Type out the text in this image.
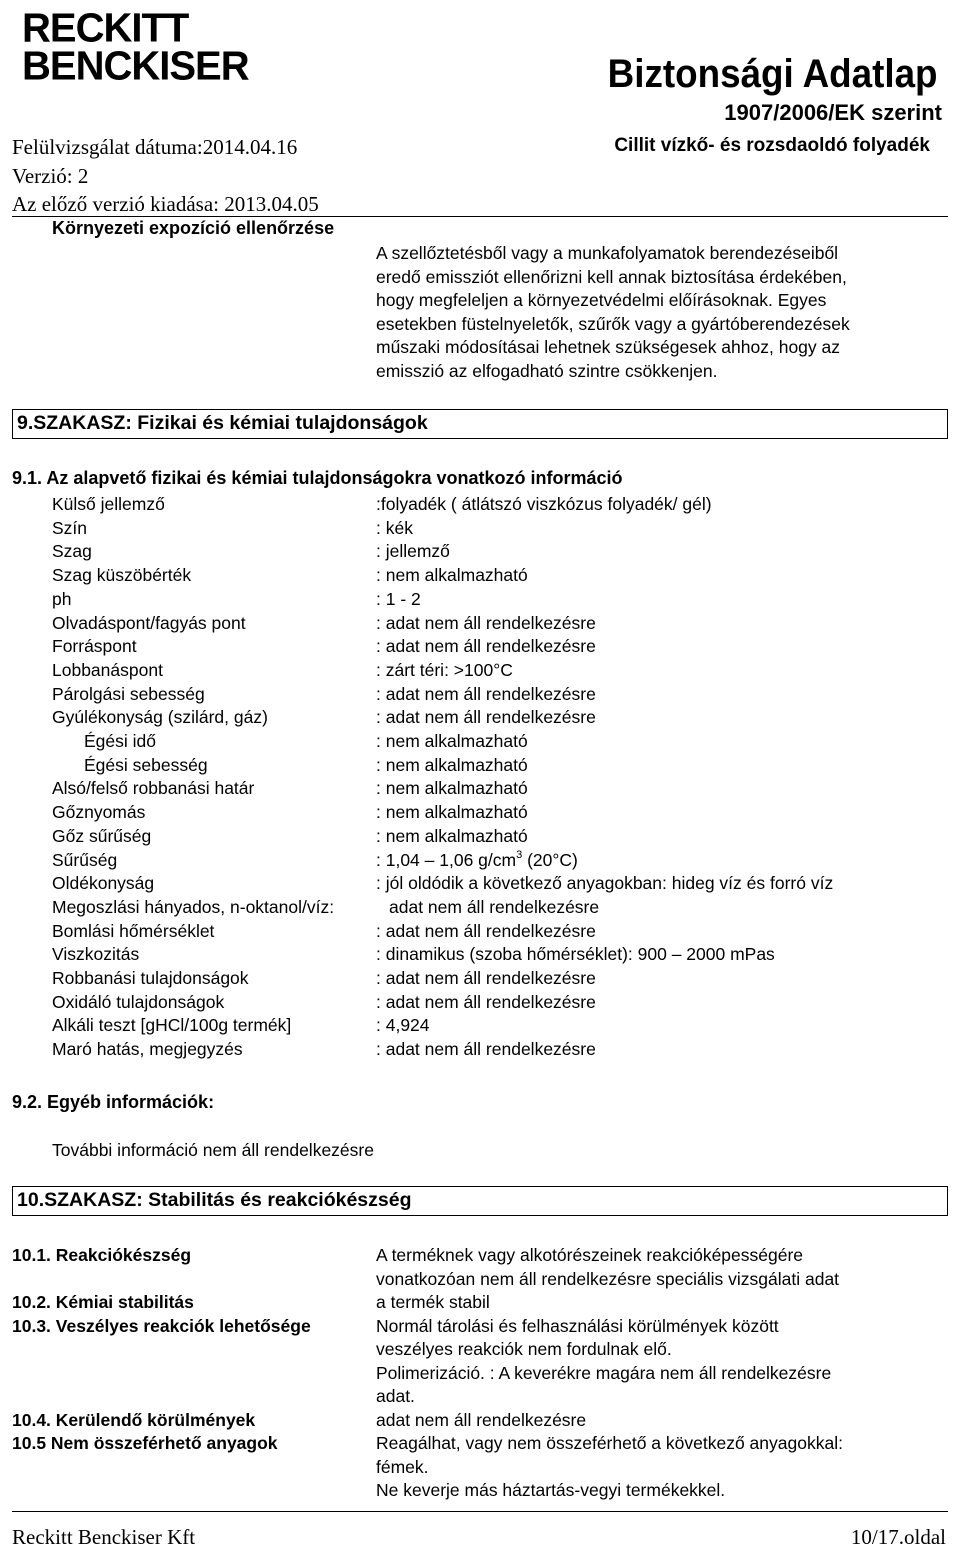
RECKITT
BENCKISER	Biztonsági Adatlap
1907/2006/EK szerint
Cillit vízkő- és rozsdaoldó folyadék
Felülvizsgálat dátuma:2014.04.16
Verzió: 2
Az előző verzió kiadása: 2013.04.05
Környezeti expozíció ellenőrzése
A szellőztetésből vagy a munkafolyamatok berendezéseiből
eredő emissziót ellenőrizni kell annak biztosítása érdekében,
hogy megfeleljen a környezetvédelmi előírásoknak. Egyes
esetekben füstelnyeletők, szűrők vagy a gyártóberendezések
műszaki módosításai lehetnek szükségesek ahhoz, hogy az
emisszió az elfogadható szintre csökkenjen.
9.SZAKASZ: Fizikai és kémiai tulajdonságok
9.1. Az alapvető fizikai és kémiai tulajdonságokra vonatkozó információ
Külső jellemző	:folyadék ( átlátszó viszkózus folyadék/ gél)
Szín	: kék
Szag	: jellemző
Szag küszöbérték	: nem alkalmazható
ph	: 1 - 2
Olvadáspont/fagyás pont	: adat nem áll rendelkezésre
Forráspont	: adat nem áll rendelkezésre
Lobbanáspont	: zárt téri: >100°C
Párolgási sebesség	: adat nem áll rendelkezésre
Gyúlékonyság (szilárd, gáz)	: adat nem áll rendelkezésre
Égési idő	: nem alkalmazható
Égési sebesség	: nem alkalmazható
Alsó/felső robbanási határ	: nem alkalmazható
Gőznyomás	: nem alkalmazható
Gőz sűrűség	: nem alkalmazható
Sűrűség	: 1,04 – 1,06 $g/cm^3$ (20°C)
Oldékonyság	: jól oldódik a következő anyagokban: hideg víz és forró víz
Megoszlási hányados, n-oktanol/víz:	adat nem áll rendelkezésre
Bomlási hőmérséklet	: adat nem áll rendelkezésre
Viszkozitás	: dinamikus (szoba hőmérséklet): 900 – 2000 mPas
Robbanási tulajdonságok	: adat nem áll rendelkezésre
Oxidáló tulajdonságok	: adat nem áll rendelkezésre
Alkáli teszt [gHCl/100g termék]	: 4,924
Maró hatás, megjegyzés	: adat nem áll rendelkezésre
9.2. Egyéb információk:
További információ nem áll rendelkezésre
10.SZAKASZ: Stabilitás és reakciókészség
10.1. Reakciókészség	A terméknek vagy alkotórészeinek reakcióképességére
vonatkozóan nem áll rendelkezésre speciális vizsgálati adat
10.2. Kémiai stabilitás	a termék stabil
10.3. Veszélyes reakciók lehetősége	Normál tárolási és felhasználási körülmények között
veszélyes reakciók nem fordulnak elő.
Polimerizáció. : A keverékre magára nem áll rendelkezésre
adat.
10.4. Kerülendő körülmények	adat nem áll rendelkezésre
10.5 Nem összeférhető anyagok	Reagálhat, vagy nem összeférhető a következő anyagokkal:
fémek.
Ne keverje más háztartás-vegyi termékekkel.
Reckitt Benckiser Kft	10/17.oldal
